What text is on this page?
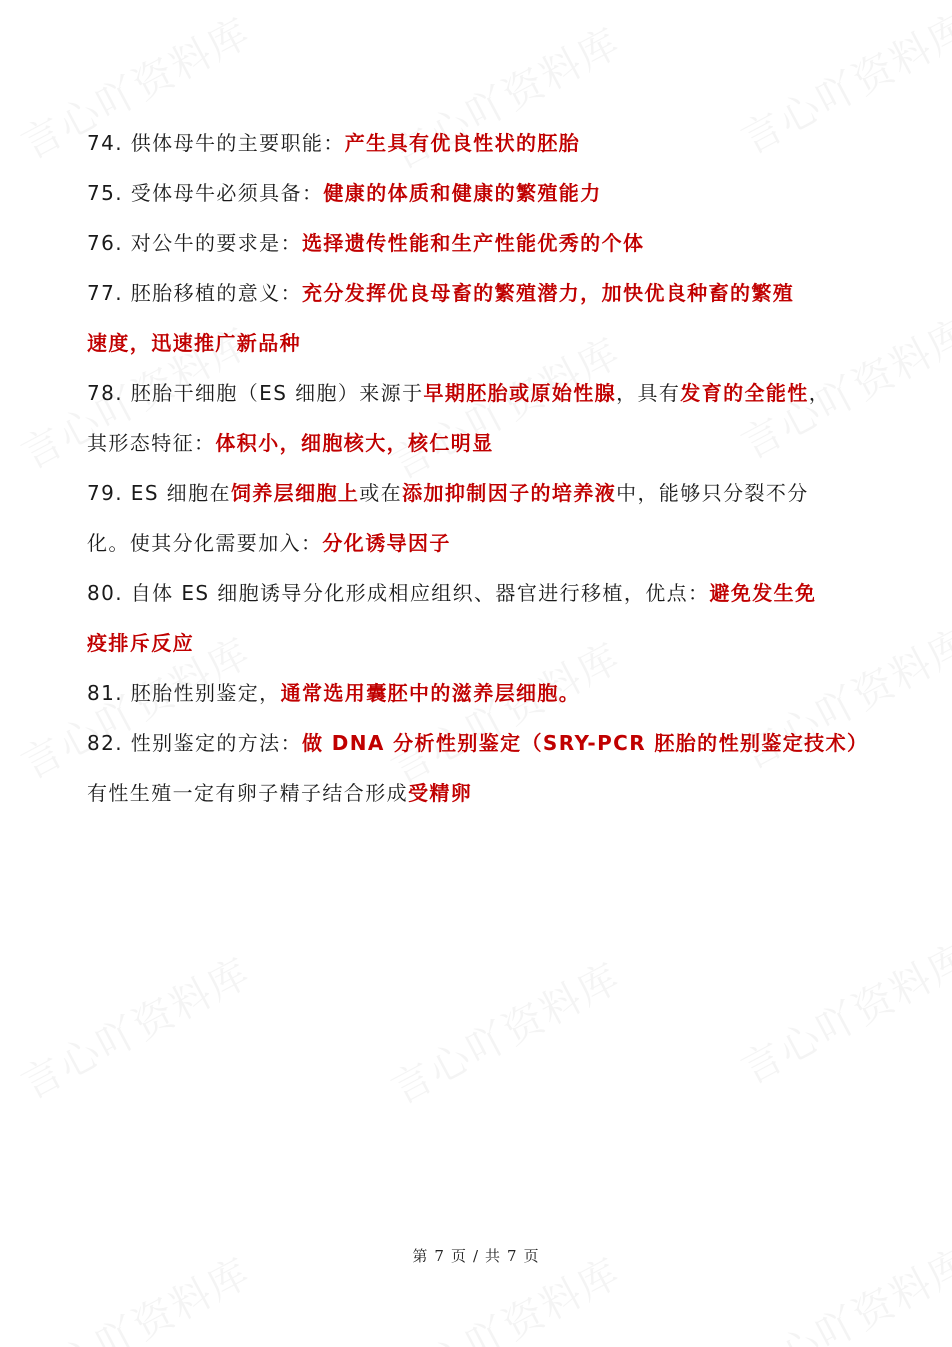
74. 供体母牛的主要职能：产生具有优良性状的胚胎
75. 受体母牛必须具备：健康的体质和健康的繁殖能力
76. 对公牛的要求是：选择遗传性能和生产性能优秀的个体
77. 胚胎移植的意义：充分发挥优良母畜的繁殖潜力，加快优良种畜的繁殖
速度，迅速推广新品种
78. 胚胎干细胞（ES 细胞）来源于早期胚胎或原始性腺，具有发育的全能性，
其形态特征：体积小，细胞核大，核仁明显
79. ES 细胞在饲养层细胞上或在添加抑制因子的培养液中，能够只分裂不分
化。使其分化需要加入：分化诱导因子
80. 自体 ES 细胞诱导分化形成相应组织、器官进行移植，优点：避免发生免
疫排斥反应
81. 胚胎性别鉴定，通常选用囊胚中的滋养层细胞。
82. 性别鉴定的方法：做 DNA 分析性别鉴定（SRY-PCR 胚胎的性别鉴定技术）
有性生殖一定有卵子精子结合形成受精卵
第 7 页 / 共 7 页
